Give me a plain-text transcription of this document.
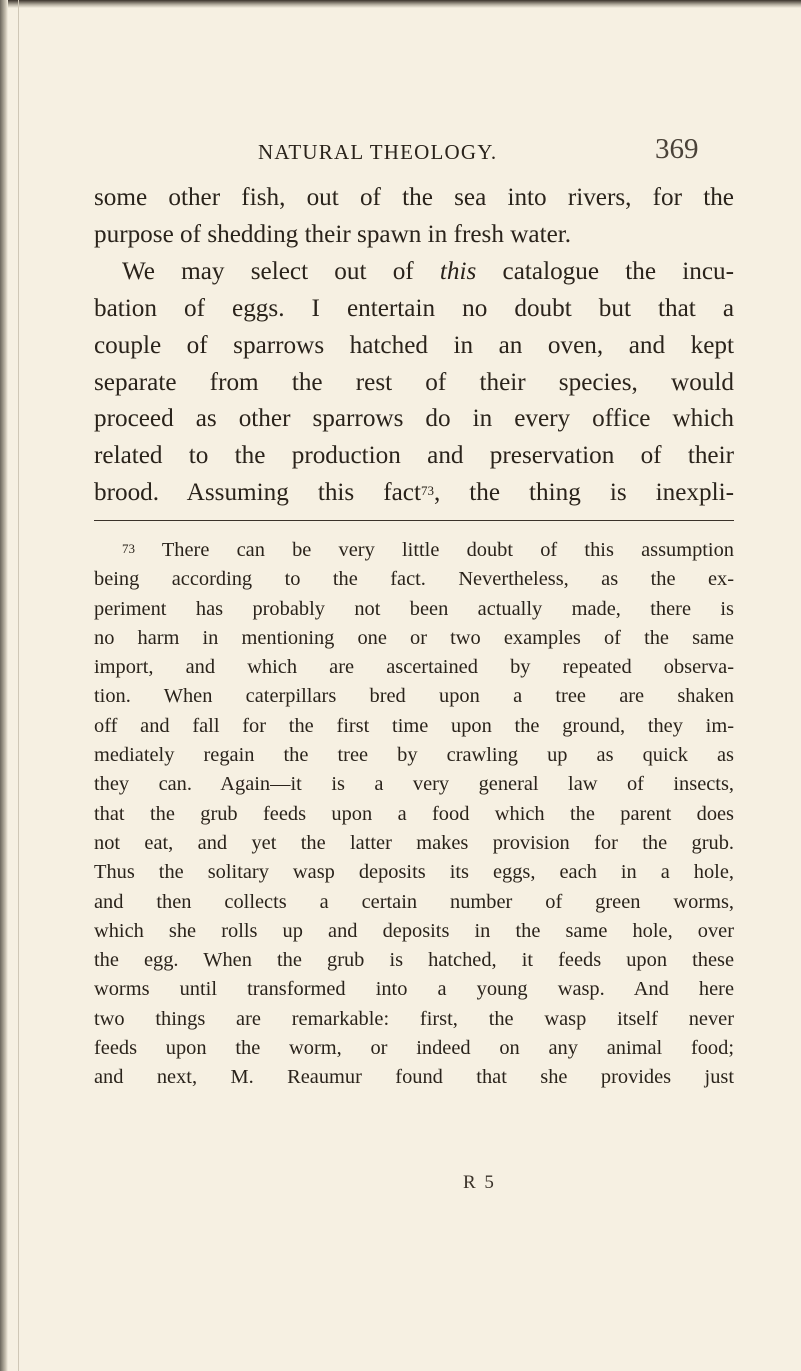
NATURAL THEOLOGY.	369
some other fish, out of the sea into rivers, for the
purpose of shedding their spawn in fresh water.
We may select out of this catalogue the incu-
bation of eggs. I entertain no doubt but that a
couple of sparrows hatched in an oven, and kept
separate from the rest of their species, would
proceed as other sparrows do in every office which
related to the production and preservation of their
brood. Assuming this fact$^{73}$, the thing is inexpli-
$^{73}$ There can be very little doubt of this assumption
being according to the fact. Nevertheless, as the ex-
periment has probably not been actually made, there is
no harm in mentioning one or two examples of the same
import, and which are ascertained by repeated observa-
tion. When caterpillars bred upon a tree are shaken
off and fall for the first time upon the ground, they im-
mediately regain the tree by crawling up as quick as
they can. Again—it is a very general law of insects,
that the grub feeds upon a food which the parent does
not eat, and yet the latter makes provision for the grub.
Thus the solitary wasp deposits its eggs, each in a hole,
and then collects a certain number of green worms,
which she rolls up and deposits in the same hole, over
the egg. When the grub is hatched, it feeds upon these
worms until transformed into a young wasp. And here
two things are remarkable: first, the wasp itself never
feeds upon the worm, or indeed on any animal food;
and next, M. Reaumur found that she provides just
R 5
